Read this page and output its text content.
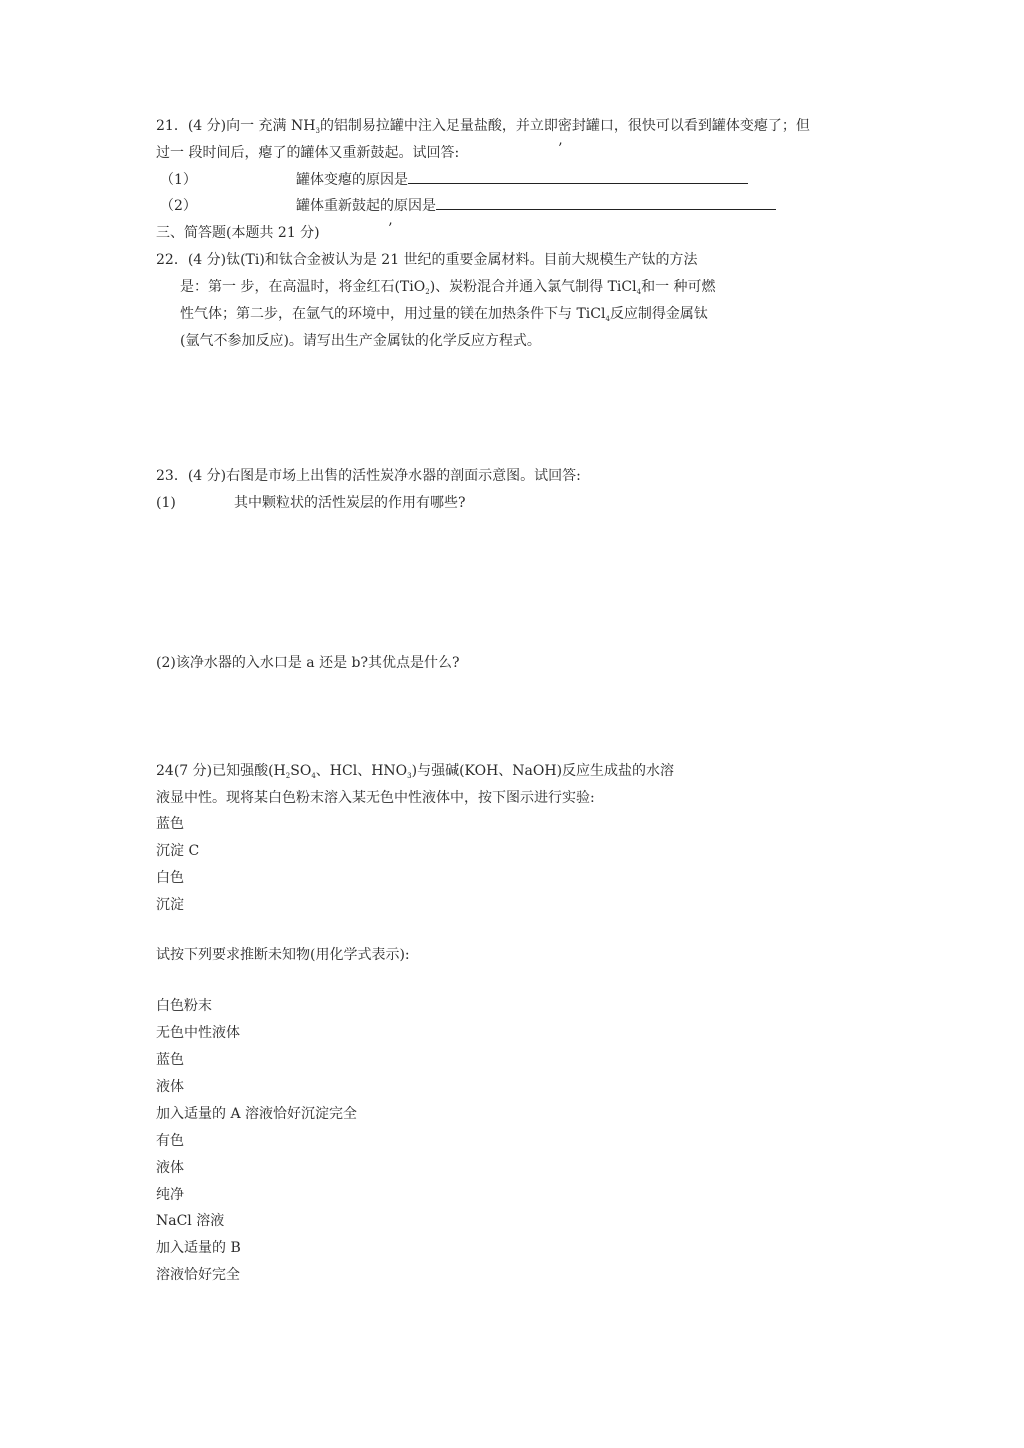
21．(4 分)向一 充满 $NH_3$的铝制易拉罐中注入足量盐酸，并立即密封罐口，很快可以看到罐体变瘪了；但
过一 段时间后，瘪了的罐体又重新鼓起。试回答:	’
（1）	罐体变瘪的原因是
（2）	罐体重新鼓起的原因是
三、简答题(本题共 21 分)	’
22．(4 分)钛(Ti)和钛合金被认为是 21 世纪的重要金属材料。目前大规模生产钛的方法
是：第一 步，在高温时，将金红石(TiO$_2$)、炭粉混合并通入氯气制得 TiCl$_4$和一 种可燃
性气体；第二步，在氩气的环境中，用过量的镁在加热条件下与 TiCl$_4$反应制得金属钛
(氩气不参加反应)。请写出生产金属钛的化学反应方程式。
23．(4 分)右图是市场上出售的活性炭净水器的剖面示意图。试回答:
(1)	其中颗粒状的活性炭层的作用有哪些?
(2)该净水器的入水口是 a 还是 b?其优点是什么?
24(7 分)已知强酸($H_2SO_4$、HCl、$HNO_3$)与强碱(KOH、NaOH)反应生成盐的水溶
液显中性。现将某白色粉末溶入某无色中性液体中，按下图示进行实验:
蓝色
沉淀 C
白色
沉淀
试按下列要求推断未知物(用化学式表示):
白色粉末
无色中性液体
蓝色
液体
加入适量的 A 溶液恰好沉淀完全
有色
液体
纯净
NaCl 溶液
加入适量的 B
溶液恰好完全
